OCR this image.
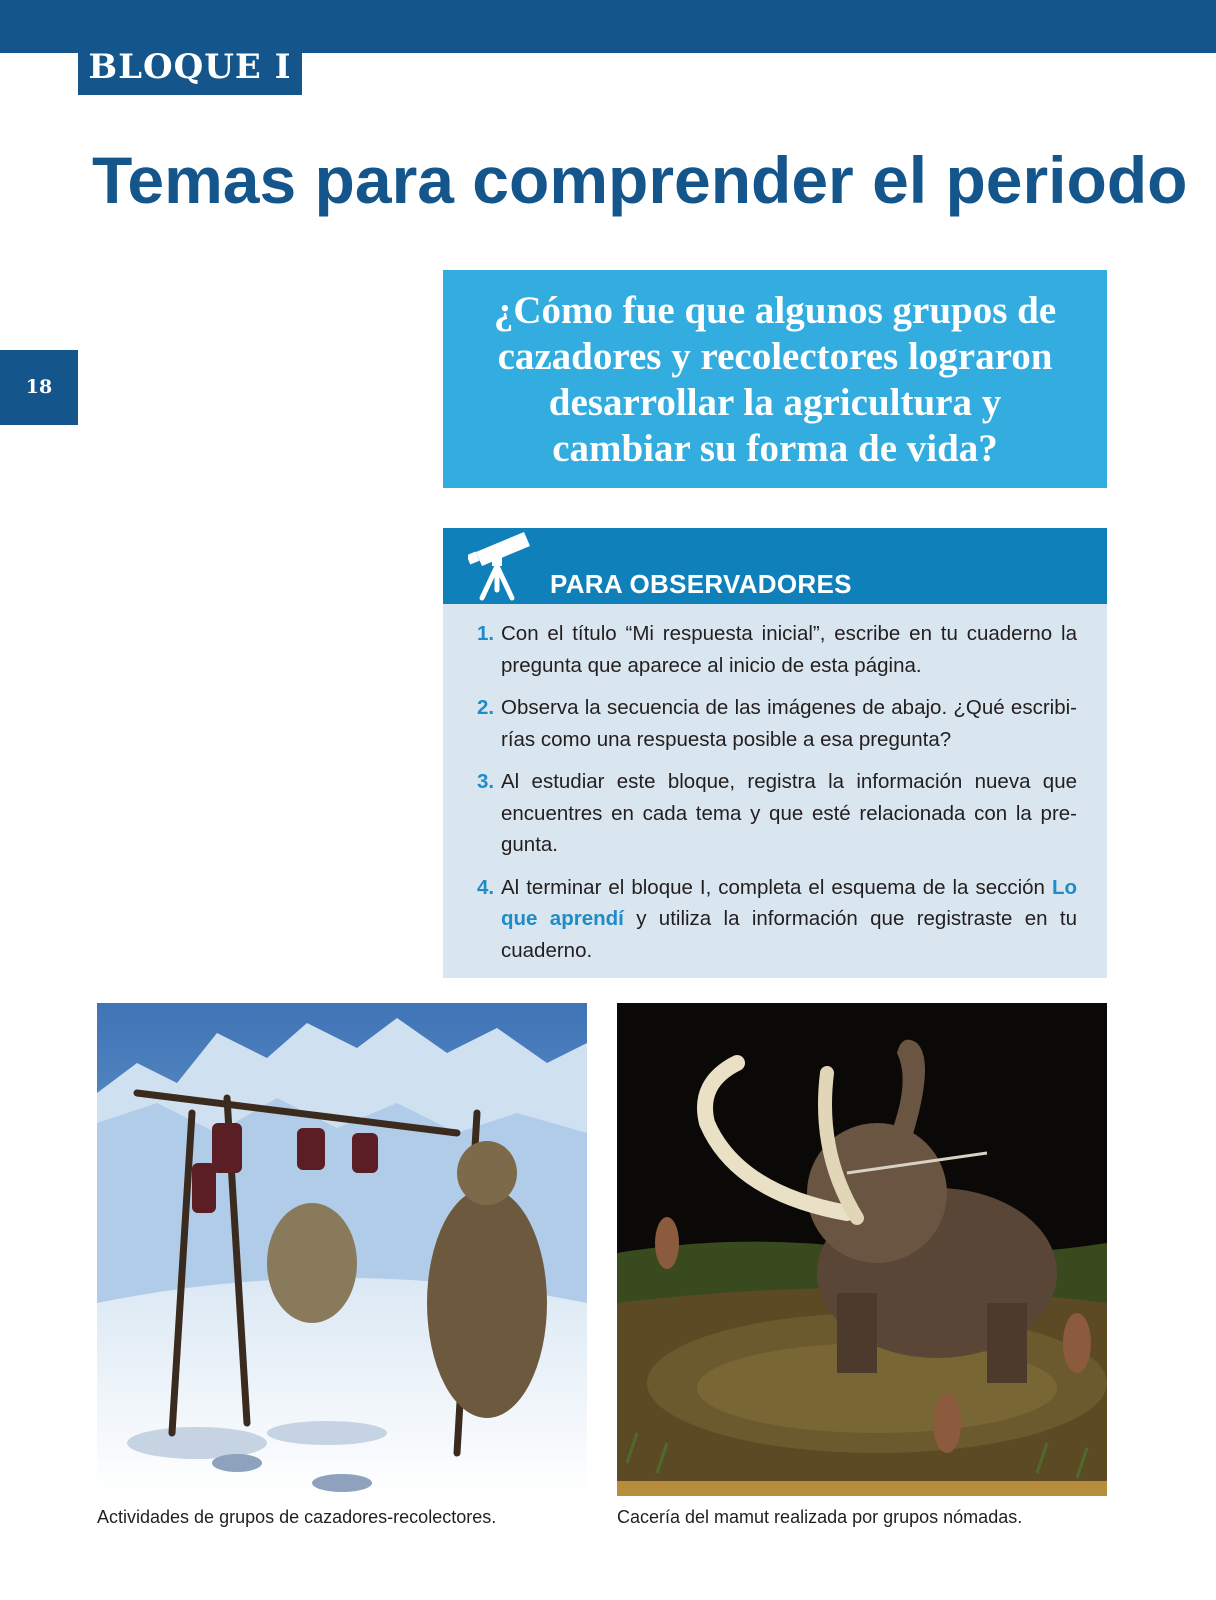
BLOQUE I
Temas para comprender el periodo
18
¿Cómo fue que algunos grupos de
cazadores y recolectores lograron
desarrollar la agricultura y
cambiar su forma de vida?
PARA OBSERVADORES
1. Con el título “Mi respuesta inicial”, escribe en tu cuaderno la pregunta que aparece al inicio de esta página.
2. Observa la secuencia de las imágenes de abajo. ¿Qué escribirías como una respuesta posible a esa pregunta?
3. Al estudiar este bloque, registra la información nueva que encuentres en cada tema y que esté relacionada con la pregunta.
4. Al terminar el bloque I, completa el esquema de la sección Lo que aprendí y utiliza la información que registraste en tu cuaderno.
Actividades de grupos de cazadores-recolectores.	Cacería del mamut realizada por grupos nómadas.
